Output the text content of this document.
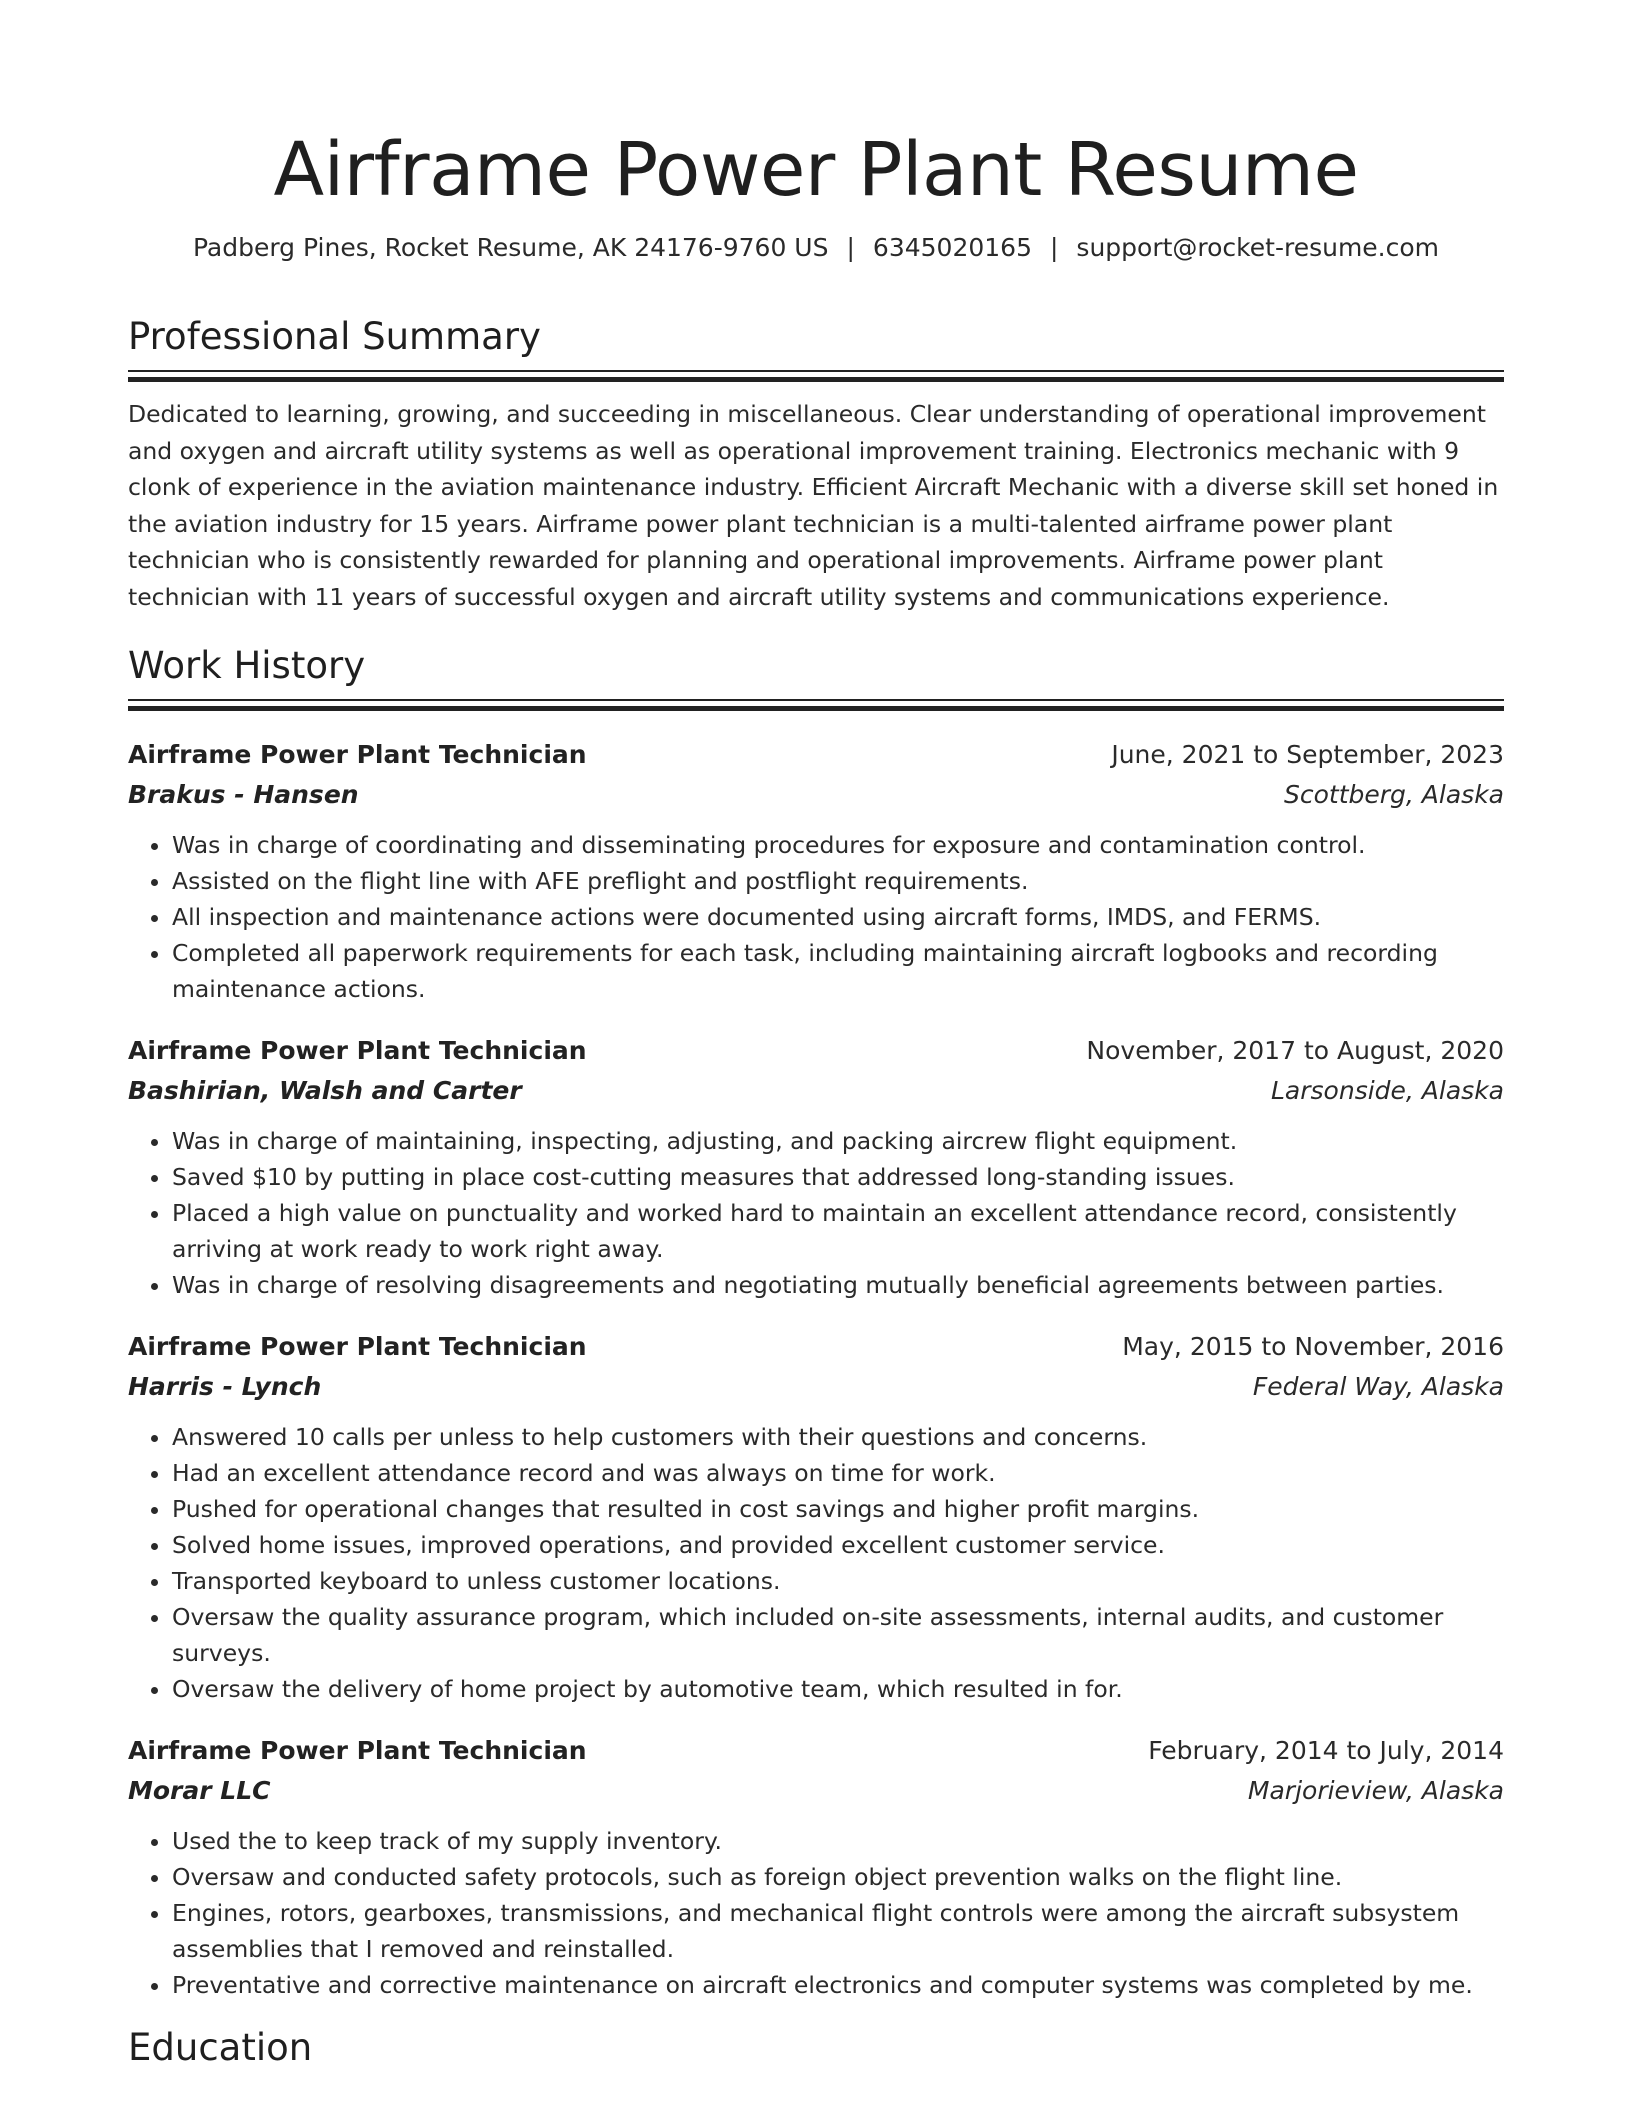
Airframe Power Plant Resume
Padberg Pines, Rocket Resume, AK 24176-9760 US | 6345020165 | support@rocket-resume.com
Professional Summary

Dedicated to learning, growing, and succeeding in miscellaneous. Clear understanding of operational improvement and oxygen and aircraft utility systems as well as operational improvement training. Electronics mechanic with 9 clonk of experience in the aviation maintenance industry. Efficient Aircraft Mechanic with a diverse skill set honed in the aviation industry for 15 years. Airframe power plant technician is a multi-talented airframe power plant technician who is consistently rewarded for planning and operational improvements. Airframe power plant technician with 11 years of successful oxygen and aircraft utility systems and communications experience.

Work History
Airframe Power Plant Technician	June, 2021 to September, 2023
Brakus - Hansen	Scottberg, Alaska
• Was in charge of coordinating and disseminating procedures for exposure and contamination control.
• Assisted on the flight line with AFE preflight and postflight requirements.
• All inspection and maintenance actions were documented using aircraft forms, IMDS, and FERMS.
• Completed all paperwork requirements for each task, including maintaining aircraft logbooks and recording maintenance actions.
Airframe Power Plant Technician	November, 2017 to August, 2020
Bashirian, Walsh and Carter	Larsonside, Alaska
• Was in charge of maintaining, inspecting, adjusting, and packing aircrew flight equipment.
• Saved $10 by putting in place cost-cutting measures that addressed long-standing issues.
• Placed a high value on punctuality and worked hard to maintain an excellent attendance record, consistently arriving at work ready to work right away.
• Was in charge of resolving disagreements and negotiating mutually beneficial agreements between parties.
Airframe Power Plant Technician	May, 2015 to November, 2016
Harris - Lynch	Federal Way, Alaska
• Answered 10 calls per unless to help customers with their questions and concerns.
• Had an excellent attendance record and was always on time for work.
• Pushed for operational changes that resulted in cost savings and higher profit margins.
• Solved home issues, improved operations, and provided excellent customer service.
• Transported keyboard to unless customer locations.
• Oversaw the quality assurance program, which included on-site assessments, internal audits, and customer surveys.
• Oversaw the delivery of home project by automotive team, which resulted in for.
Airframe Power Plant Technician	February, 2014 to July, 2014
Morar LLC	Marjorieview, Alaska
• Used the to keep track of my supply inventory.
• Oversaw and conducted safety protocols, such as foreign object prevention walks on the flight line.
• Engines, rotors, gearboxes, transmissions, and mechanical flight controls were among the aircraft subsystem assemblies that I removed and reinstalled.
• Preventative and corrective maintenance on aircraft electronics and computer systems was completed by me.
Education
